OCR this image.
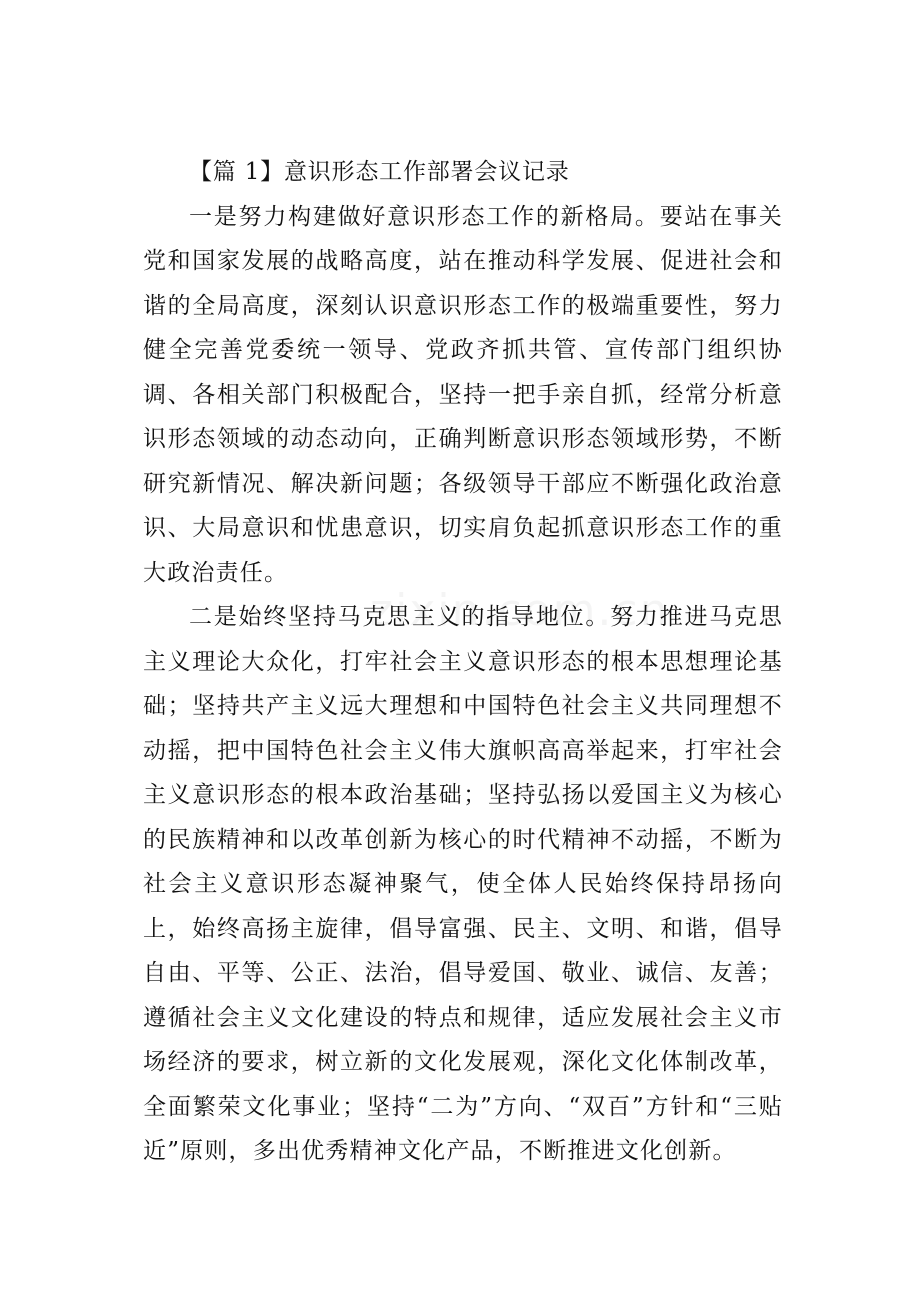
【篇 1】意识形态工作部署会议记录

一是努力构建做好意识形态工作的新格局。要站在事关党和国家发展的战略高度，站在推动科学发展、促进社会和谐的全局高度，深刻认识意识形态工作的极端重要性，努力健全完善党委统一领导、党政齐抓共管、宣传部门组织协调、各相关部门积极配合，坚持一把手亲自抓，经常分析意识形态领域的动态动向，正确判断意识形态领域形势，不断研究新情况、解决新问题；各级领导干部应不断强化政治意识、大局意识和忧患意识，切实肩负起抓意识形态工作的重大政治责任。

二是始终坚持马克思主义的指导地位。努力推进马克思主义理论大众化，打牢社会主义意识形态的根本思想理论基础；坚持共产主义远大理想和中国特色社会主义共同理想不动摇，把中国特色社会主义伟大旗帜高高举起来，打牢社会主义意识形态的根本政治基础；坚持弘扬以爱国主义为核心的民族精神和以改革创新为核心的时代精神不动摇，不断为社会主义意识形态凝神聚气，使全体人民始终保持昂扬向上，始终高扬主旋律，倡导富强、民主、文明、和谐，倡导自由、平等、公正、法治，倡导爱国、敬业、诚信、友善；遵循社会主义文化建设的特点和规律，适应发展社会主义市场经济的要求，树立新的文化发展观，深化文化体制改革，全面繁荣文化事业；坚持“二为”方向、“双百”方针和“三贴近”原则，多出优秀精神文化产品，不断推进文化创新。
